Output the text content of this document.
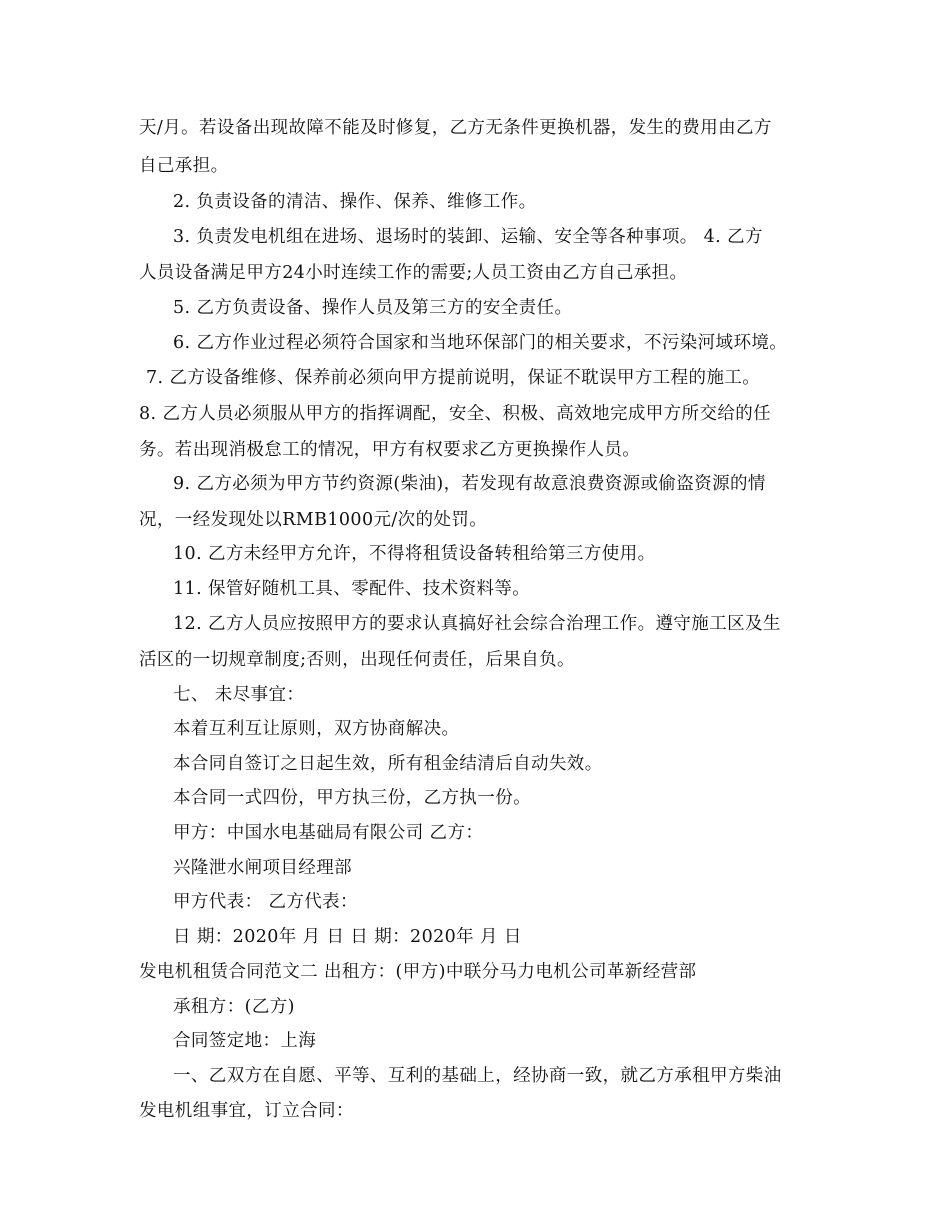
天/月。若设备出现故障不能及时修复，乙方无条件更换机器，发生的费用由乙方
自己承担。
2. 负责设备的清洁、操作、保养、维修工作。
3. 负责发电机组在进场、退场时的装卸、运输、安全等各种事项。 4. 乙方
人员设备满足甲方24小时连续工作的需要;人员工资由乙方自己承担。
5. 乙方负责设备、操作人员及第三方的安全责任。
6. 乙方作业过程必须符合国家和当地环保部门的相关要求，不污染河域环境。
7. 乙方设备维修、保养前必须向甲方提前说明，保证不耽误甲方工程的施工。
8. 乙方人员必须服从甲方的指挥调配，安全、积极、高效地完成甲方所交给的任
务。若出现消极怠工的情况，甲方有权要求乙方更换操作人员。
9. 乙方必须为甲方节约资源(柴油)，若发现有故意浪费资源或偷盗资源的情
况，一经发现处以RMB1000元/次的处罚。
10. 乙方未经甲方允许，不得将租赁设备转租给第三方使用。
11. 保管好随机工具、零配件、技术资料等。
12. 乙方人员应按照甲方的要求认真搞好社会综合治理工作。遵守施工区及生
活区的一切规章制度;否则，出现任何责任，后果自负。
七、 未尽事宜：
本着互利互让原则，双方协商解决。
本合同自签订之日起生效，所有租金结清后自动失效。
本合同一式四份，甲方执三份，乙方执一份。
甲方：中国水电基础局有限公司 乙方：
兴隆泄水闸项目经理部
甲方代表： 乙方代表：
日 期：2020年 月 日 日 期：2020年 月 日
发电机租赁合同范文二 出租方：(甲方)中联分马力电机公司革新经营部
承租方：(乙方)
合同签定地：上海
一、乙双方在自愿、平等、互利的基础上，经协商一致，就乙方承租甲方柴油
发电机组事宜，订立合同：
